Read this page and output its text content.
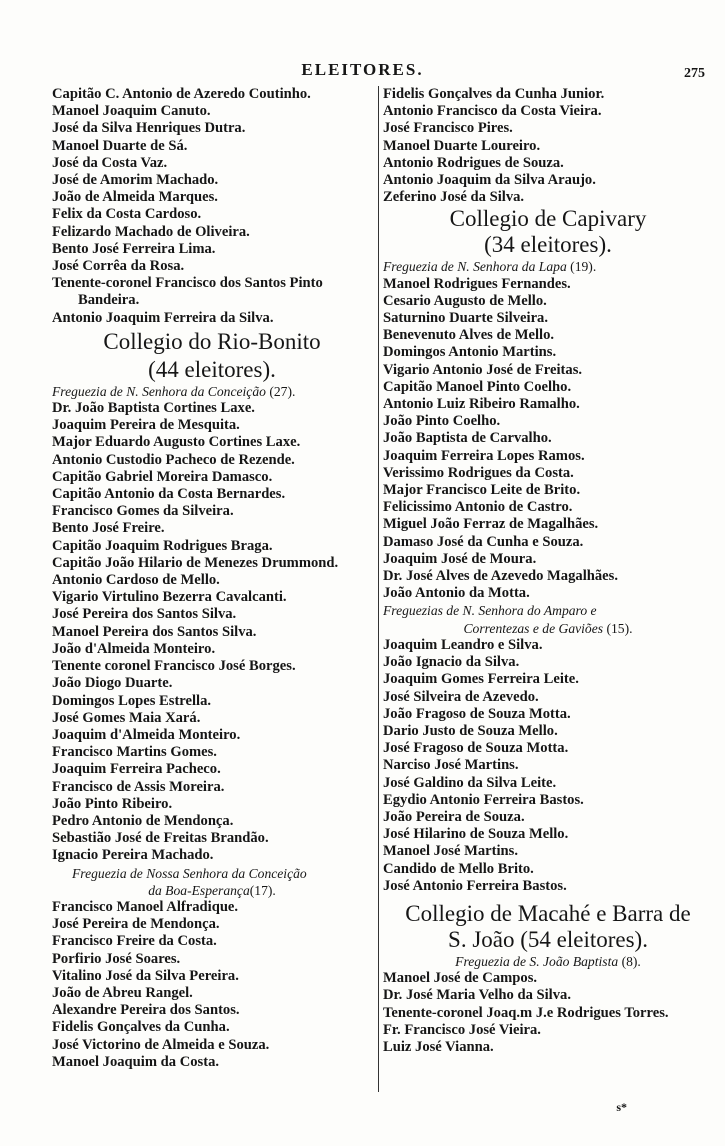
ELEITORES.	275
Capitão C. Antonio de Azeredo Coutinho.
Manoel Joaquim Canuto.
José da Silva Henriques Dutra.
Manoel Duarte de Sá.
José da Costa Vaz.
José de Amorim Machado.
João de Almeida Marques.
Felix da Costa Cardoso.
Felizardo Machado de Oliveira.
Bento José Ferreira Lima.
José Corrêa da Rosa.
Tenente-coronel Francisco dos Santos Pinto
Bandeira.
Antonio Joaquim Ferreira da Silva.
Collegio do Rio-Bonito
(44 eleitores).
Freguezia de N. Senhora da Conceição (27).
Dr. João Baptista Cortines Laxe.
Joaquim Pereira de Mesquita.
Major Eduardo Augusto Cortines Laxe.
Antonio Custodio Pacheco de Rezende.
Capitão Gabriel Moreira Damasco.
Capitão Antonio da Costa Bernardes.
Francisco Gomes da Silveira.
Bento José Freire.
Capitão Joaquim Rodrigues Braga.
Capitão João Hilario de Menezes Drummond.
Antonio Cardoso de Mello.
Vigario Virtulino Bezerra Cavalcanti.
José Pereira dos Santos Silva.
Manoel Pereira dos Santos Silva.
João d'Almeida Monteiro.
Tenente coronel Francisco José Borges.
João Diogo Duarte.
Domingos Lopes Estrella.
José Gomes Maia Xará.
Joaquim d'Almeida Monteiro.
Francisco Martins Gomes.
Joaquim Ferreira Pacheco.
Francisco de Assis Moreira.
João Pinto Ribeiro.
Pedro Antonio de Mendonça.
Sebastião José de Freitas Brandão.
Ignacio Pereira Machado.
Freguezia de Nossa Senhora da Conceição
da Boa-Esperança(17).
Francisco Manoel Alfradique.
José Pereira de Mendonça.
Francisco Freire da Costa.
Porfirio José Soares.
Vitalino José da Silva Pereira.
João de Abreu Rangel.
Alexandre Pereira dos Santos.
Fidelis Gonçalves da Cunha.
José Victorino de Almeida e Souza.
Manoel Joaquim da Costa.
Fidelis Gonçalves da Cunha Junior.
Antonio Francisco da Costa Vieira.
José Francisco Pires.
Manoel Duarte Loureiro.
Antonio Rodrigues de Souza.
Antonio Joaquim da Silva Araujo.
Zeferino José da Silva.
Collegio de Capivary
(34 eleitores).
Freguezia de N. Senhora da Lapa (19).
Manoel Rodrigues Fernandes.
Cesario Augusto de Mello.
Saturnino Duarte Silveira.
Benevenuto Alves de Mello.
Domingos Antonio Martins.
Vigario Antonio José de Freitas.
Capitão Manoel Pinto Coelho.
Antonio Luiz Ribeiro Ramalho.
João Pinto Coelho.
João Baptista de Carvalho.
Joaquim Ferreira Lopes Ramos.
Verissimo Rodrigues da Costa.
Major Francisco Leite de Brito.
Felicissimo Antonio de Castro.
Miguel João Ferraz de Magalhães.
Damaso José da Cunha e Souza.
Joaquim José de Moura.
Dr. José Alves de Azevedo Magalhães.
João Antonio da Motta.
Freguezias de N. Senhora do Amparo e
Correntezas e de Gaviões (15).
Joaquim Leandro e Silva.
João Ignacio da Silva.
Joaquim Gomes Ferreira Leite.
José Silveira de Azevedo.
João Fragoso de Souza Motta.
Dario Justo de Souza Mello.
José Fragoso de Souza Motta.
Narciso José Martins.
José Galdino da Silva Leite.
Egydio Antonio Ferreira Bastos.
João Pereira de Souza.
José Hilarino de Souza Mello.
Manoel José Martins.
Candido de Mello Brito.
José Antonio Ferreira Bastos.
Collegio de Macahé e Barra de
S. João (54 eleitores).
Freguezia de S. João Baptista (8).
Manoel José de Campos.
Dr. José Maria Velho da Silva.
Tenente-coronel Joaq.m J.e Rodrigues Torres.
Fr. Francisco José Vieira.
Luiz José Vianna.
s*
